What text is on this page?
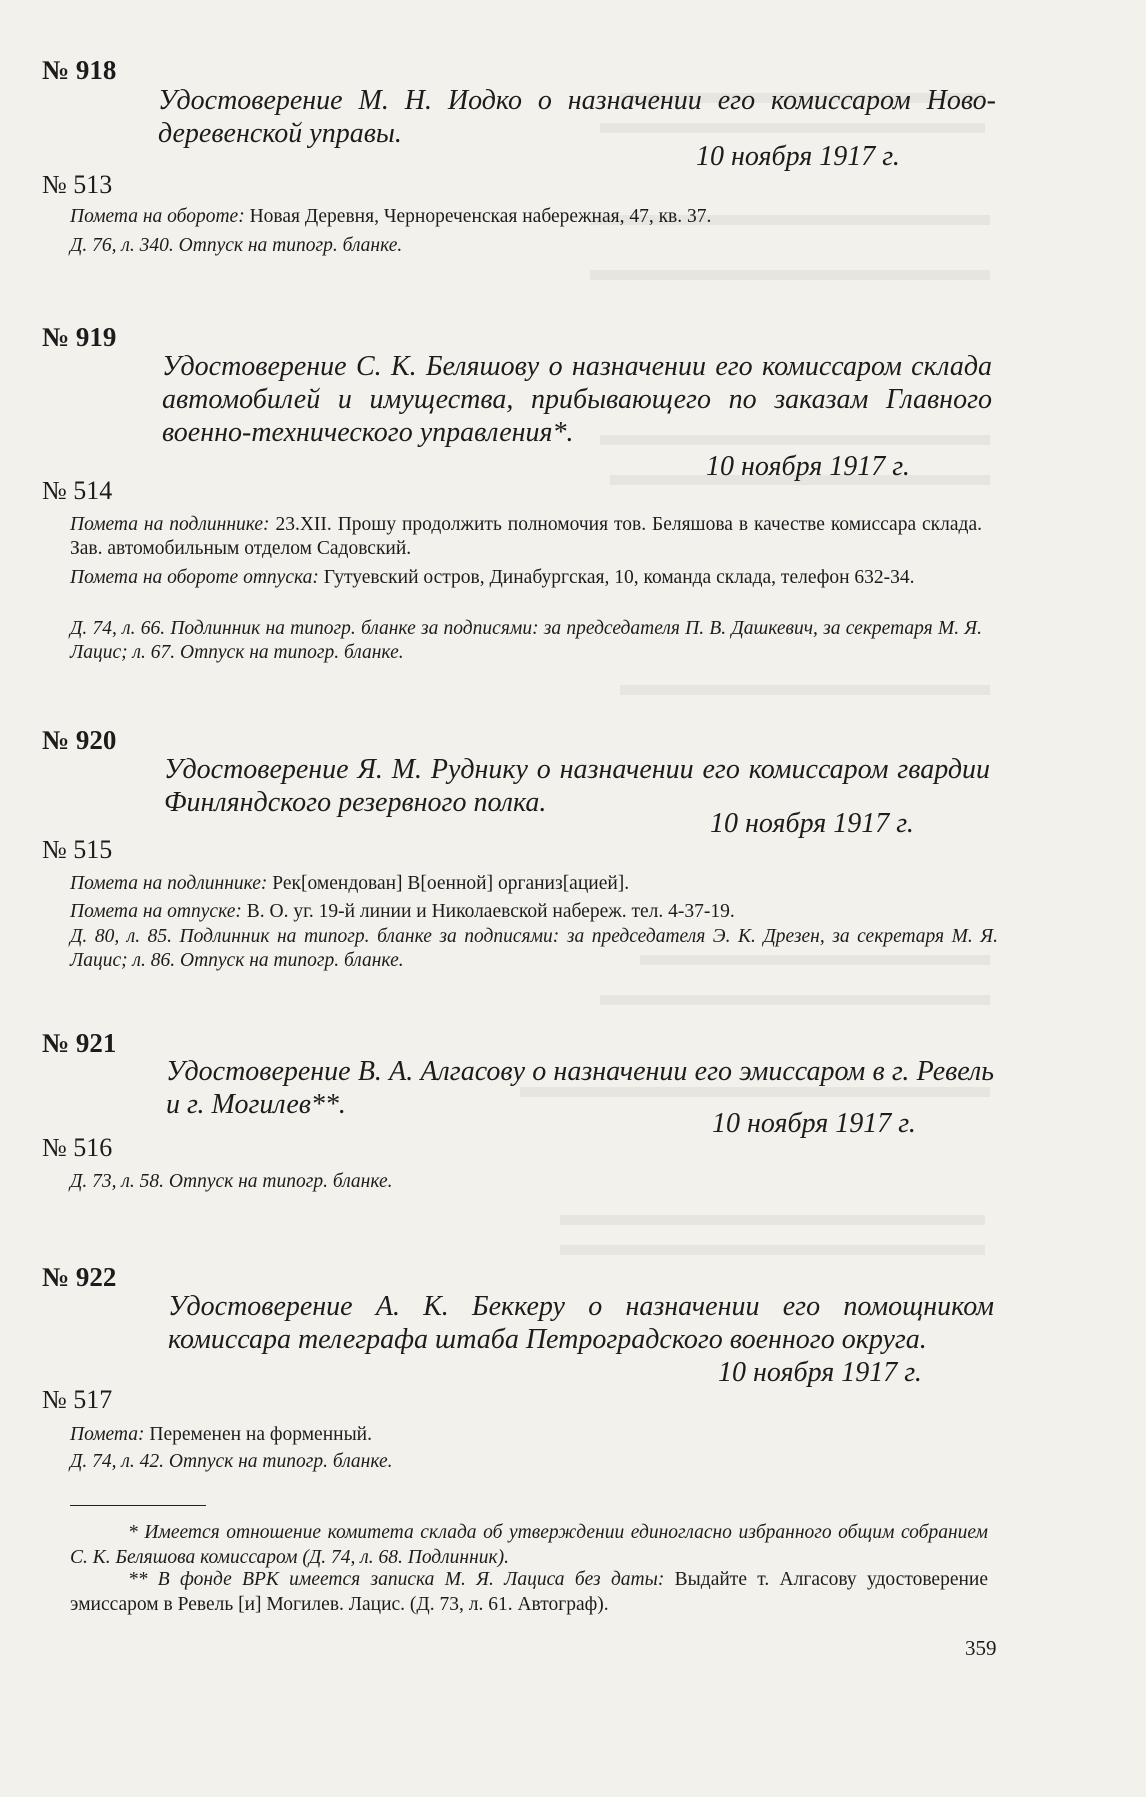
№ 918
Удостоверение М. Н. Иодко о назначении его комиссаром Ново- деревенской управы.
10 ноября 1917 г.
№ 513
Помета на обороте: Новая Деревня, Чернореченская набережная, 47, кв. 37.
Д. 76, л. 340. Отпуск на типогр. бланке.
№ 919
Удостоверение С. К. Беляшову о назначении его комиссаром склада автомобилей и имущества, прибывающего по заказам Главного военно-технического управления*.
10 ноября 1917 г.
№ 514
Помета на подлиннике: 23.XII. Прошу продолжить полномочия тов. Беляшова в качестве комиссара склада. Зав. автомобильным отделом Садовский.
Помета на обороте отпуска: Гутуевский остров, Динабургская, 10, команда склада, телефон 632-34.
Д. 74, л. 66. Подлинник на типогр. бланке за подписями: за председателя П. В. Дашкевич, за секретаря М. Я. Лацис; л. 67. Отпуск на типогр. бланке.
№ 920
Удостоверение Я. М. Руднику о назначении его комиссаром гвардии Финляндского резервного полка.
10 ноября 1917 г.
№ 515
Помета на подлиннике: Рек[омендован] В[оенной] организ[ацией].
Помета на отпуске: В. О. уг. 19-й линии и Николаевской набереж. тел. 4-37-19.
Д. 80, л. 85. Подлинник на типогр. бланке за подписями: за председателя Э. К. Дрезен, за секретаря М. Я. Лацис; л. 86. Отпуск на типогр. бланке.
№ 921
Удостоверение В. А. Алгасову о назначении его эмиссаром в г. Ревель и г. Могилев**.
10 ноября 1917 г.
№ 516
Д. 73, л. 58. Отпуск на типогр. бланке.
№ 922
Удостоверение А. К. Беккеру о назначении его помощником комиссара телеграфа штаба Петроградского военного округа.
10 ноября 1917 г.
№ 517
Помета: Переменен на форменный.
Д. 74, л. 42. Отпуск на типогр. бланке.
* Имеется отношение комитета склада об утверждении единогласно избранного общим собранием С. К. Беляшова комиссаром (Д. 74, л. 68. Подлинник).
** В фонде ВРК имеется записка М. Я. Лациса без даты: Выдайте т. Алгасову удостоверение эмиссаром в Ревель [и] Могилев. Лацис. (Д. 73, л. 61. Автограф).
359
